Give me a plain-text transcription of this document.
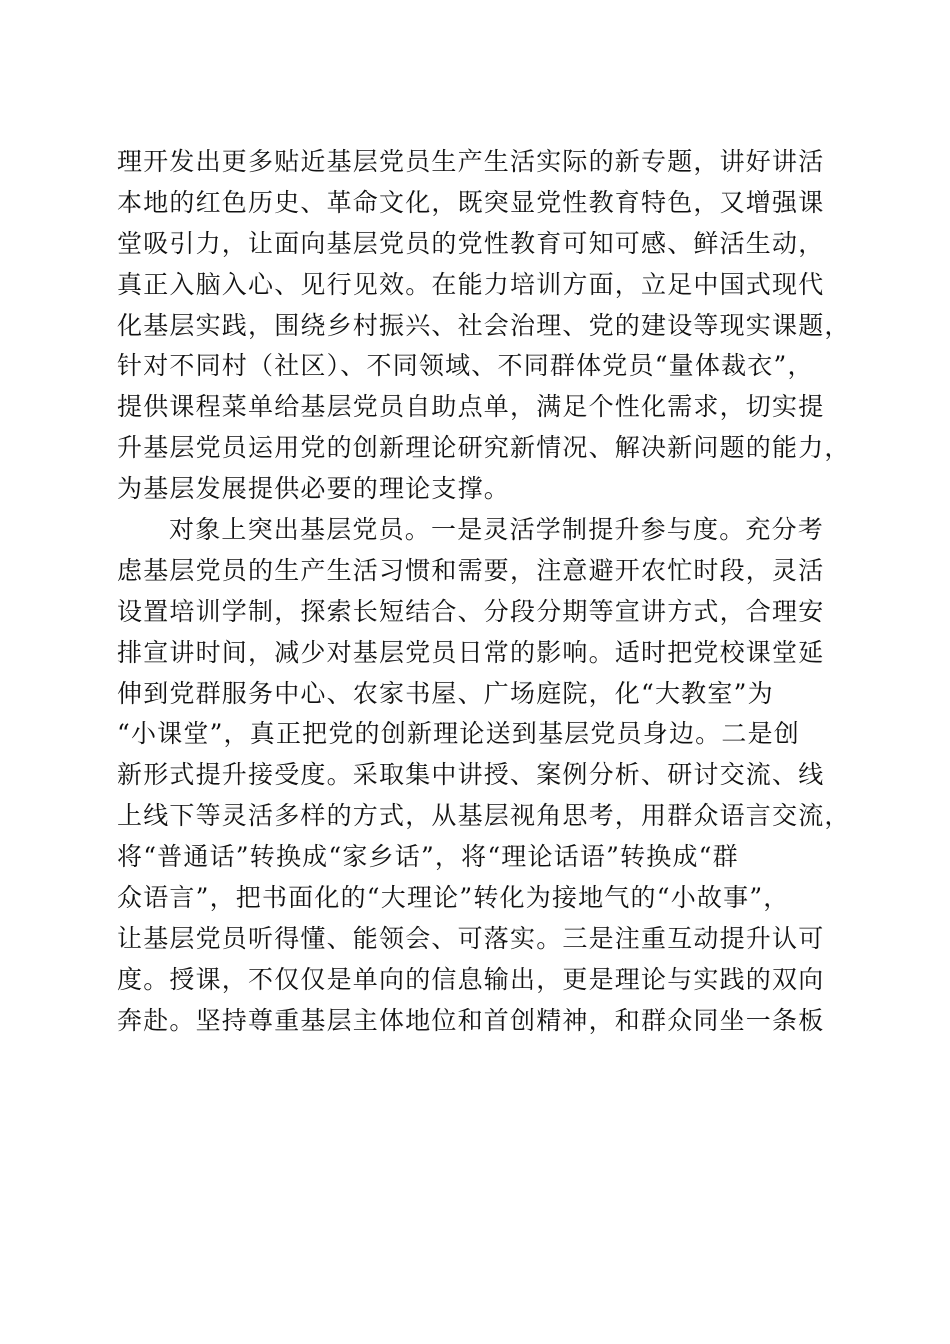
理开发出更多贴近基层党员生产生活实际的新专题，讲好讲活
本地的红色历史、革命文化，既突显党性教育特色，又增强课
堂吸引力，让面向基层党员的党性教育可知可感、鲜活生动，
真正入脑入心、见行见效。在能力培训方面，立足中国式现代
化基层实践，围绕乡村振兴、社会治理、党的建设等现实课题，
针对不同村（社区）、不同领域、不同群体党员“量体裁衣”，
提供课程菜单给基层党员自助点单，满足个性化需求，切实提
升基层党员运用党的创新理论研究新情况、解决新问题的能力，
为基层发展提供必要的理论支撑。
对象上突出基层党员。一是灵活学制提升参与度。充分考
虑基层党员的生产生活习惯和需要，注意避开农忙时段，灵活
设置培训学制，探索长短结合、分段分期等宣讲方式，合理安
排宣讲时间，减少对基层党员日常的影响。适时把党校课堂延
伸到党群服务中心、农家书屋、广场庭院，化“大教室”为
“小课堂”，真正把党的创新理论送到基层党员身边。二是创
新形式提升接受度。采取集中讲授、案例分析、研讨交流、线
上线下等灵活多样的方式，从基层视角思考，用群众语言交流，
将“普通话”转换成“家乡话”，将“理论话语”转换成“群
众语言”，把书面化的“大理论”转化为接地气的“小故事”，
让基层党员听得懂、能领会、可落实。三是注重互动提升认可
度。授课，不仅仅是单向的信息输出，更是理论与实践的双向
奔赴。坚持尊重基层主体地位和首创精神，和群众同坐一条板
